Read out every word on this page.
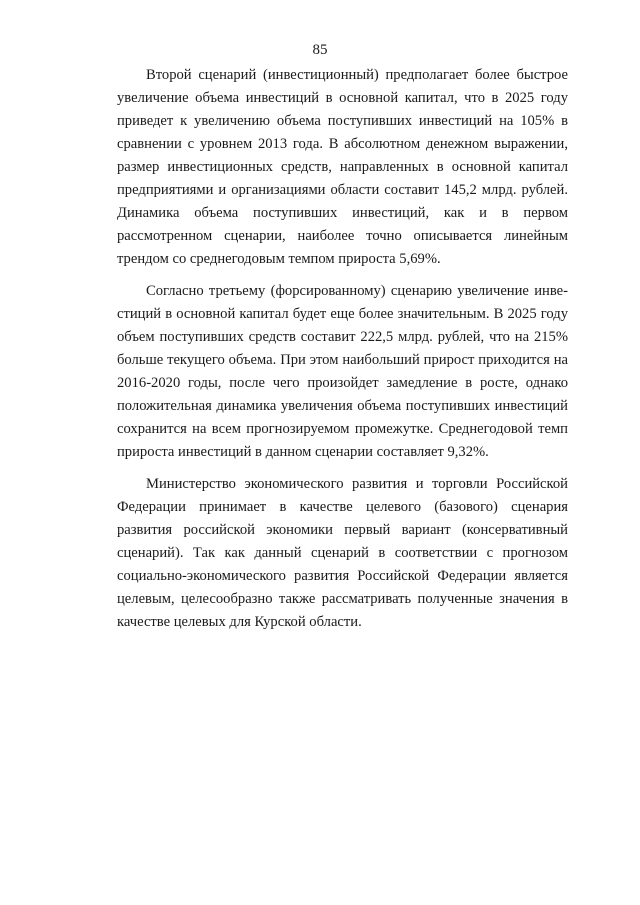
85

Второй сценарий (инвестиционный) предполагает более быстрое увеличение объема инвестиций в основной капитал, что в 2025 году приведет к увеличению объема поступивших инвестиций на 105% в сравнении с уровнем 2013 года. В абсолютном денежном выражении, размер инвестиционных средств, направленных в основной капитал предприятиями и организациями области составит 145,2 млрд. рублей. Динамика объема поступивших инвестиций, как и в первом рассмотренном сценарии, наиболее точно описывается линейным трендом со среднегодовым темпом прироста 5,69%.

Согласно третьему (форсированному) сценарию увеличение инвестиций в основной капитал будет еще более значительным. В 2025 году объем поступивших средств составит 222,5 млрд. рублей, что на 215% больше текущего объема. При этом наибольший прирост приходится на 2016-2020 годы, после чего произойдет замедление в росте, однако положительная динамика увеличения объема поступивших инвестиций сохранится на всем прогнозируемом промежутке. Среднегодовой темп прироста инвестиций в данном сценарии составляет 9,32%.

Министерство экономического развития и торговли Российской Федерации принимает в качестве целевого (базового) сценария развития российской экономики первый вариант (консервативный сценарий). Так как данный сценарий в соответствии с прогнозом социально-экономического развития Российской Федерации является целевым, целесообразно также рассматривать полученные значения в качестве целевых для Курской области.
